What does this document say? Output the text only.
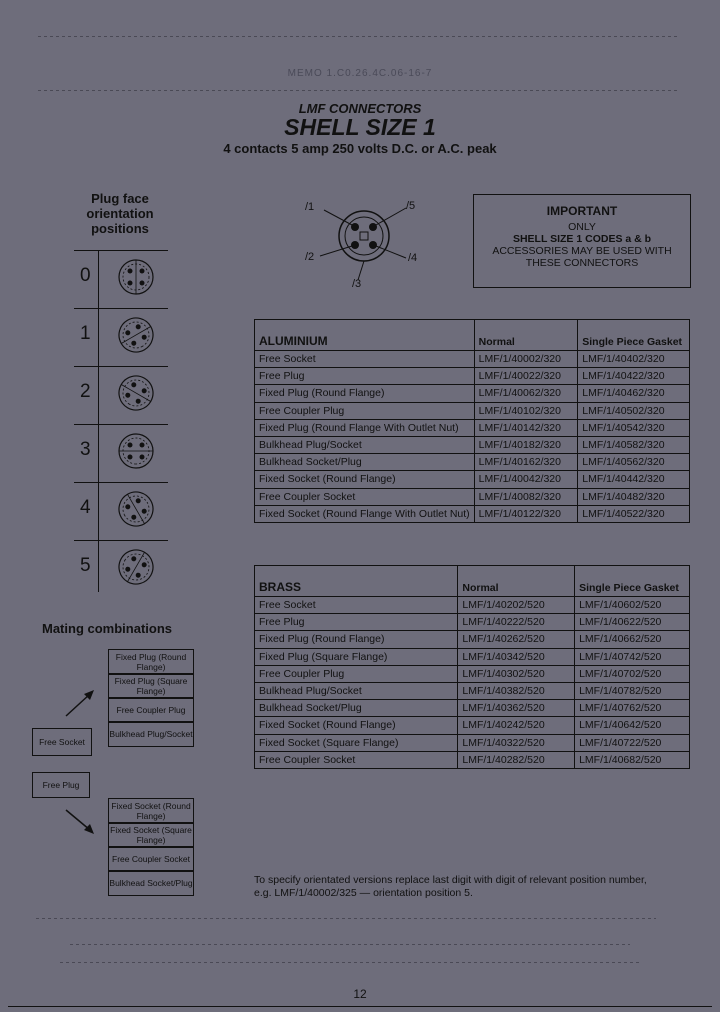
MEMO 1.C0.26.4C.06-16-7
LMF CONNECTORS
SHELL SIZE 1
4 contacts 5 amp 250 volts D.C. or A.C. peak
Plug face orientation positions
0
1
2
3
4
5
/1	/5
/2	/4
/3
IMPORTANT
ONLY
SHELL SIZE 1 CODES a & b
ACCESSORIES MAY BE USED WITH
THESE CONNECTORS
ALUMINIUM	Normal	Single Piece Gasket
Free Socket	LMF/1/40002/320	LMF/1/40402/320
Free Plug	LMF/1/40022/320	LMF/1/40422/320
Fixed Plug (Round Flange)	LMF/1/40062/320	LMF/1/40462/320
Free Coupler Plug	LMF/1/40102/320	LMF/1/40502/320
Fixed Plug (Round Flange With Outlet Nut)	LMF/1/40142/320	LMF/1/40542/320
Bulkhead Plug/Socket	LMF/1/40182/320	LMF/1/40582/320
Bulkhead Socket/Plug	LMF/1/40162/320	LMF/1/40562/320
Fixed Socket (Round Flange)	LMF/1/40042/320	LMF/1/40442/320
Free Coupler Socket	LMF/1/40082/320	LMF/1/40482/320
Fixed Socket (Round Flange With Outlet Nut)	LMF/1/40122/320	LMF/1/40522/320
BRASS	Normal	Single Piece Gasket
Free Socket	LMF/1/40202/520	LMF/1/40602/520
Free Plug	LMF/1/40222/520	LMF/1/40622/520
Fixed Plug (Round Flange)	LMF/1/40262/520	LMF/1/40662/520
Fixed Plug (Square Flange)	LMF/1/40342/520	LMF/1/40742/520
Free Coupler Plug	LMF/1/40302/520	LMF/1/40702/520
Bulkhead Plug/Socket	LMF/1/40382/520	LMF/1/40782/520
Bulkhead Socket/Plug	LMF/1/40362/520	LMF/1/40762/520
Fixed Socket (Round Flange)	LMF/1/40242/520	LMF/1/40642/520
Fixed Socket (Square Flange)	LMF/1/40322/520	LMF/1/40722/520
Free Coupler Socket	LMF/1/40282/520	LMF/1/40682/520
Mating combinations
Free Socket
Free Plug
Fixed Plug (Round Flange)
Fixed Plug (Square Flange)
Free Coupler Plug
Bulkhead Plug/Socket
Fixed Socket (Round Flange)
Fixed Socket (Square Flange)
Free Coupler Socket
Bulkhead Socket/Plug	To specify orientated versions replace last digit with digit of relevant position number, e.g. LMF/1/40002/325 — orientation position 5.
12
